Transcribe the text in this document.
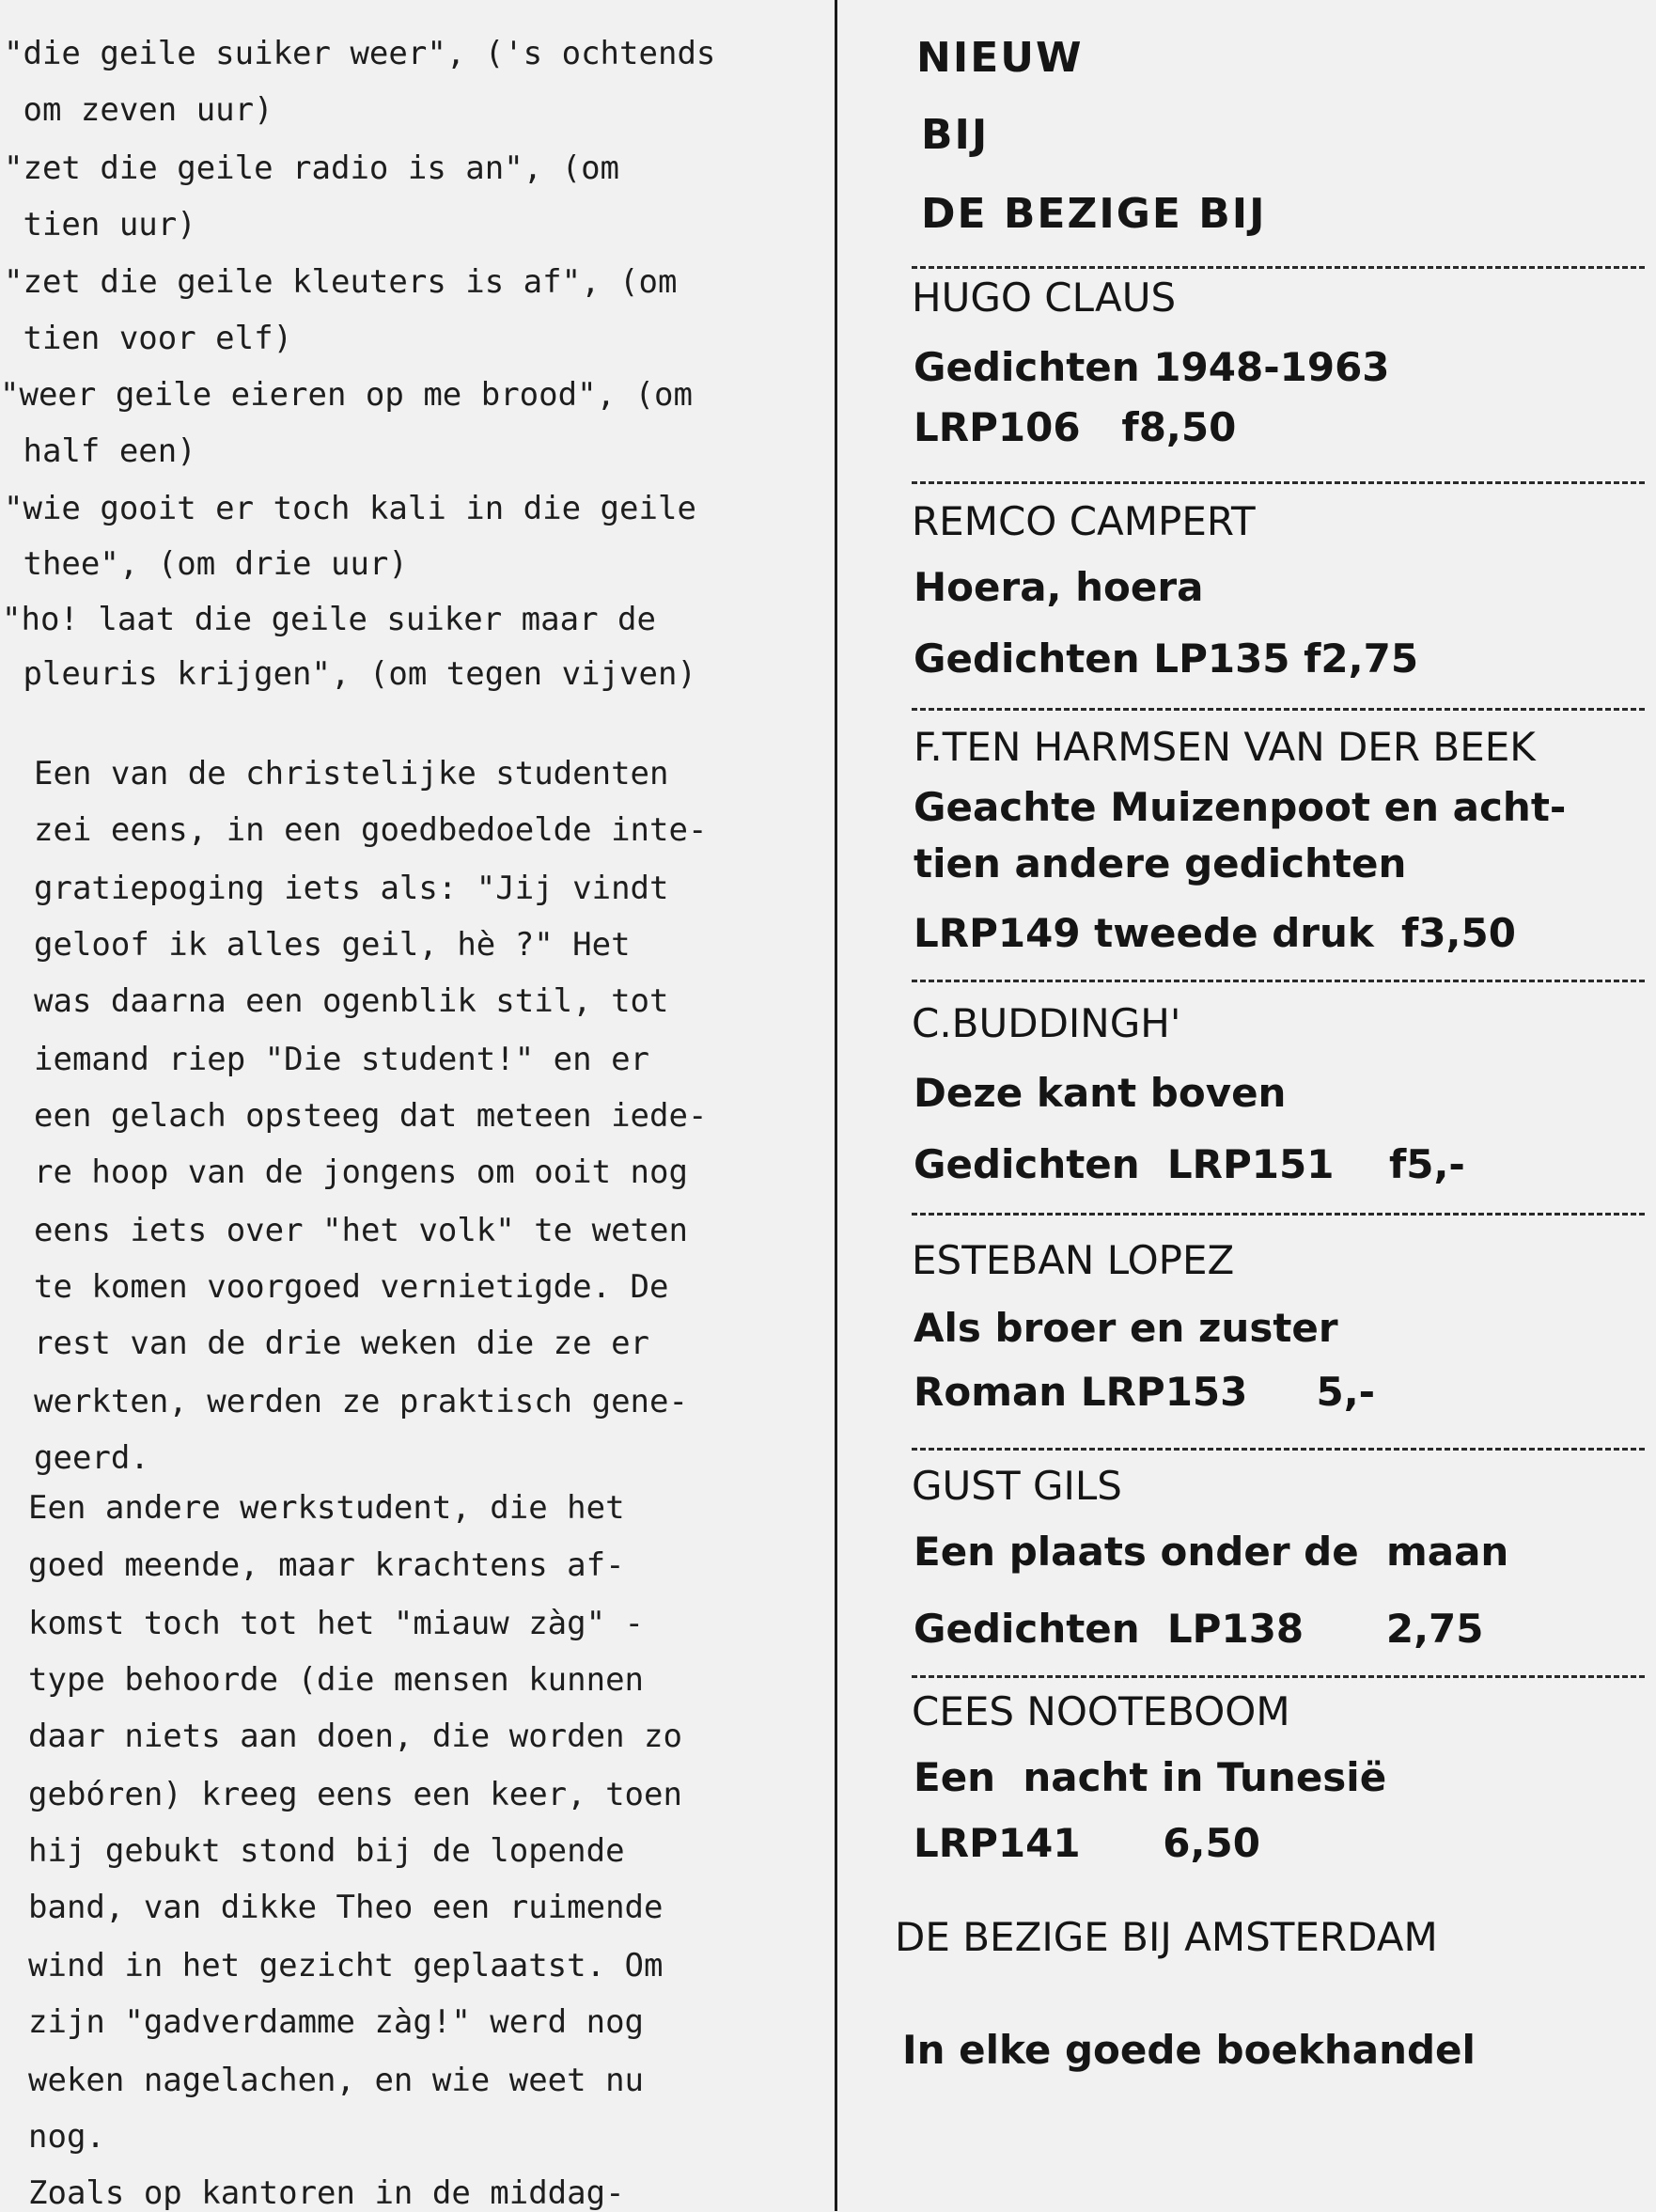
"die geile suiker weer", ('s ochtends
om zeven uur)
"zet die geile radio is an", (om
tien uur)
"zet die geile kleuters is af", (om
tien voor elf)
"weer geile eieren op me brood", (om
half een)
"wie gooit er toch kali in die geile
thee", (om drie uur)
"ho! laat die geile suiker maar de
pleuris krijgen", (om tegen vijven)
Een van de christelijke studenten
zei eens, in een goedbedoelde inte-
gratiepoging iets als: "Jij vindt
geloof ik alles geil, hè ?" Het
was daarna een ogenblik stil, tot
iemand riep "Die student!" en er
een gelach opsteeg dat meteen iede-
re hoop van de jongens om ooit nog
eens iets over "het volk" te weten
te komen voorgoed vernietigde. De
rest van de drie weken die ze er
werkten, werden ze praktisch gene-
geerd.
Een andere werkstudent, die het
goed meende, maar krachtens af-
komst toch tot het "miauw zàg" -
type behoorde (die mensen kunnen
daar niets aan doen, die worden zo
gebóren) kreeg eens een keer, toen
hij gebukt stond bij de lopende
band, van dikke Theo een ruimende
wind in het gezicht geplaatst. Om
zijn "gadverdamme zàg!" werd nog
weken nagelachen, en wie weet nu
nog.
Zoals op kantoren in de middag-
NIEUW
BIJ
DE BEZIGE BIJ
HUGO CLAUS
Gedichten 1948-1963
LRP106   f8,50
REMCO CAMPERT
Hoera, hoera
Gedichten LP135 f2,75
F.TEN HARMSEN VAN DER BEEK
Geachte Muizenpoot en acht-
tien andere gedichten
LRP149 tweede druk  f3,50
C.BUDDINGH'
Deze kant boven
Gedichten  LRP151    f5,-
ESTEBAN LOPEZ
Als broer en zuster
Roman LRP153     5,-
GUST GILS
Een plaats onder de  maan
Gedichten  LP138      2,75
CEES NOOTEBOOM
Een  nacht in Tunesië
LRP141      6,50
DE BEZIGE BIJ AMSTERDAM
In elke goede boekhandel
